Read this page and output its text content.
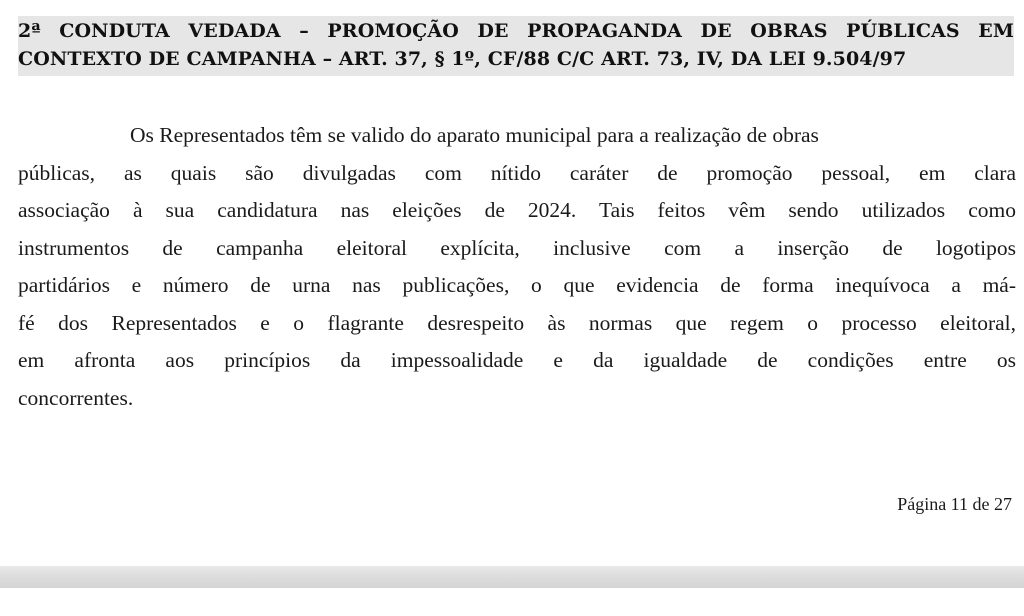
2ª CONDUTA VEDADA – PROMOÇÃO DE PROPAGANDA DE OBRAS PÚBLICAS EM
CONTEXTO DE CAMPANHA – ART. 37, § 1º, CF/88 C/C ART. 73, IV, DA LEI 9.504/97
Os Representados têm se valido do aparato municipal para a realização de obras
públicas, as quais são divulgadas com nítido caráter de promoção pessoal, em clara
associação à sua candidatura nas eleições de 2024. Tais feitos vêm sendo utilizados como
instrumentos de campanha eleitoral explícita, inclusive com a inserção de logotipos
partidários e número de urna nas publicações, o que evidencia de forma inequívoca a má-
fé dos Representados e o flagrante desrespeito às normas que regem o processo eleitoral,
em afronta aos princípios da impessoalidade e da igualdade de condições entre os
concorrentes.
Página 11 de 27
